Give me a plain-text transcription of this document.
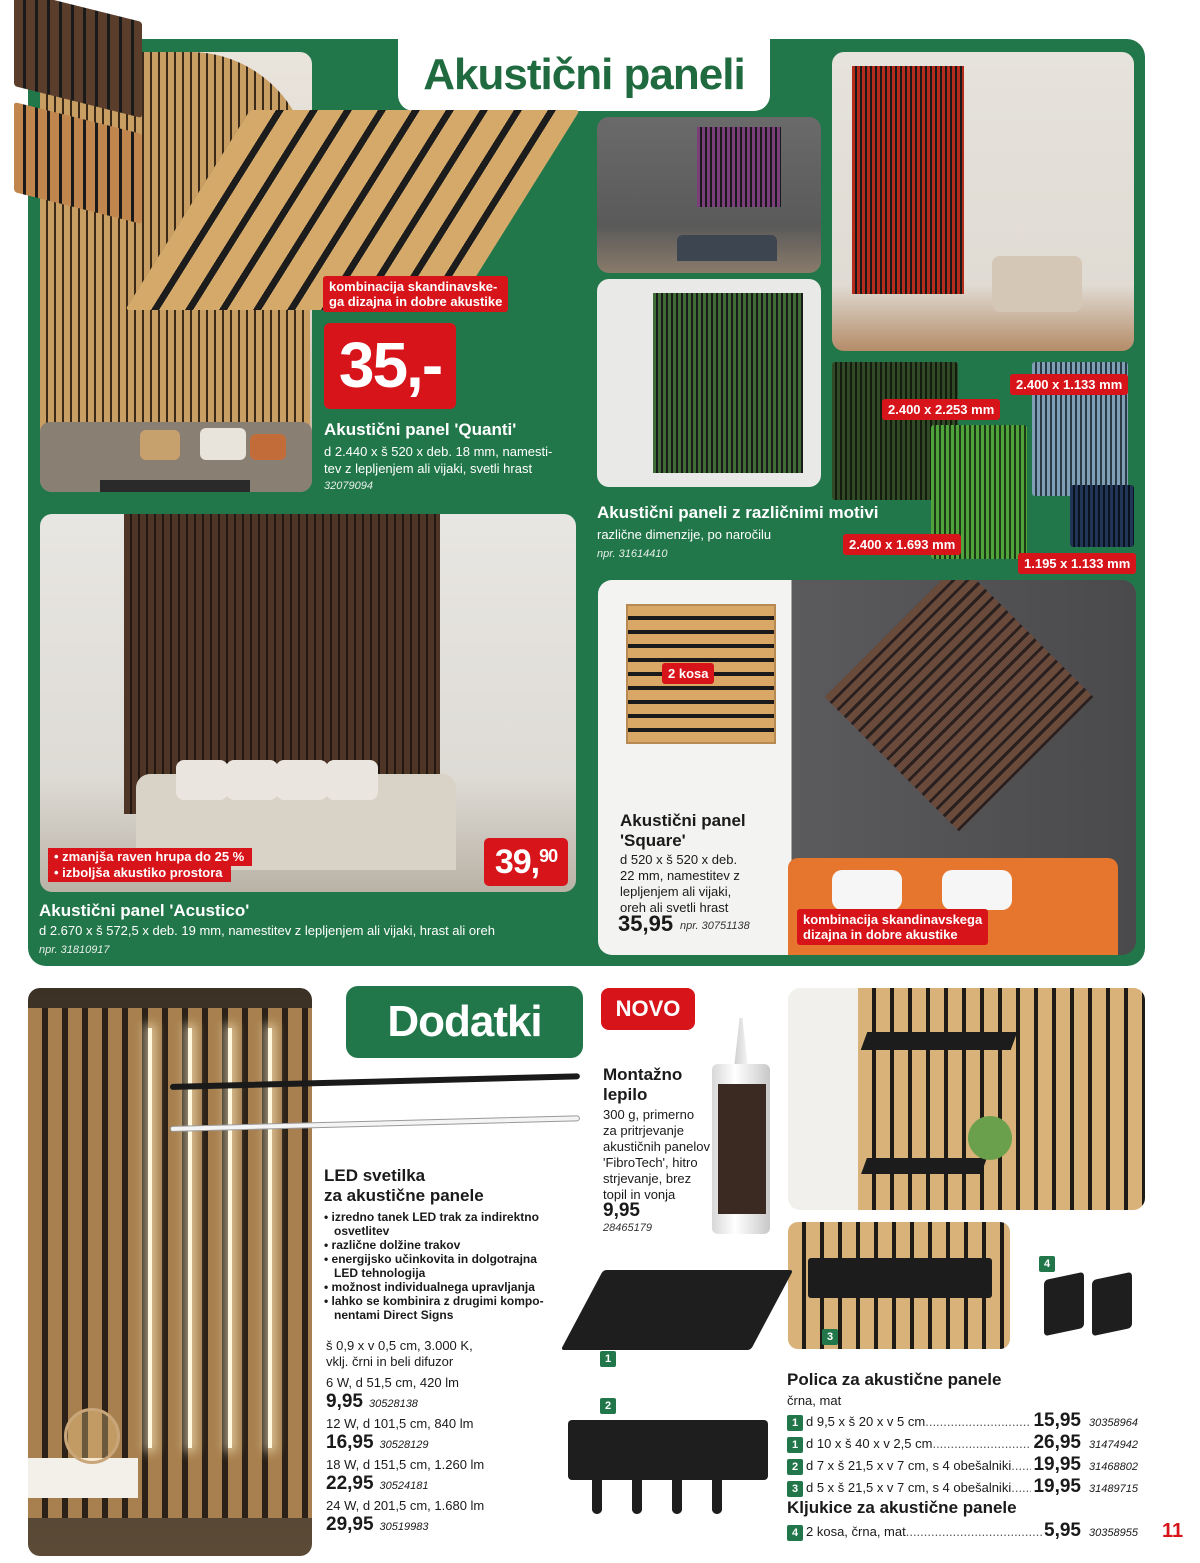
Akustični paneli
kombinacija skandinavske-
ga dizajna in dobre akustike
35,-
Akustični panel 'Quanti'
d 2.440 x š 520 x deb. 18 mm, namesti-
tev z lepljenjem ali vijaki, svetli hrast
32079094
2.400 x 1.133 mm
2.400 x 2.253 mm
2.400 x 1.693 mm
1.195 x 1.133 mm
Akustični paneli z različnimi motivi
različne dimenzije, po naročilu
npr. 31614410
• zmanjša raven hrupa do 25 %
• izboljša akustiko prostora	39,90
Akustični panel 'Acustico'
d 2.670 x š 572,5 x deb. 19 mm, namestitev z lepljenjem ali vijaki, hrast ali oreh
npr. 31810917
2 kosa
Akustični panel
'Square'
d 520 x š 520 x deb.
22 mm, namestitev z
lepljenjem ali vijaki,
oreh ali svetli hrast
35,95 npr. 30751138	kombinacija skandinavskega
dizajna in dobre akustike
Dodatki	NOVO
Montažno
lepilo
300 g, primerno
za pritrjevanje
akustičnih panelov
'FibroTech', hitro
strjevanje, brez
topil in vonja
9,95
28465179
LED svetilka
za akustične panele
• izredno tanek LED trak za indirektno osvetlitev
• različne dolžine trakov
• energijsko učinkovita in dolgotrajna LED tehnologija
• možnost individualnega upravljanja
• lahko se kombinira z drugimi kompo- nentami Direct Signs
š 0,9 x v 0,5 cm, 3.000 K,
vklj. črni in beli difuzor
6 W, d 51,5 cm, 420 lm
9,95 30528138
12 W, d 101,5 cm, 840 lm
16,95 30528129
18 W, d 151,5 cm, 1.260 lm
22,95 30524181
24 W, d 201,5 cm, 1.680 lm
29,95 30519983
1
2
3
4
Polica za akustične panele
črna, mat
1 d 9,5 x š 20 x v 5 cm .....	15,95 30358964
1 d 10 x š 40 x v 2,5 cm .....	26,95 31474942
2 d 7 x š 21,5 x v 7 cm, s 4 obešalniki .....	19,95 31468802
3 d 5 x š 21,5 x v 7 cm, s 4 obešalniki .....	19,95 31489715
Kljukice za akustične panele
4 2 kosa, črna, mat .....	5,95 30358955	11
